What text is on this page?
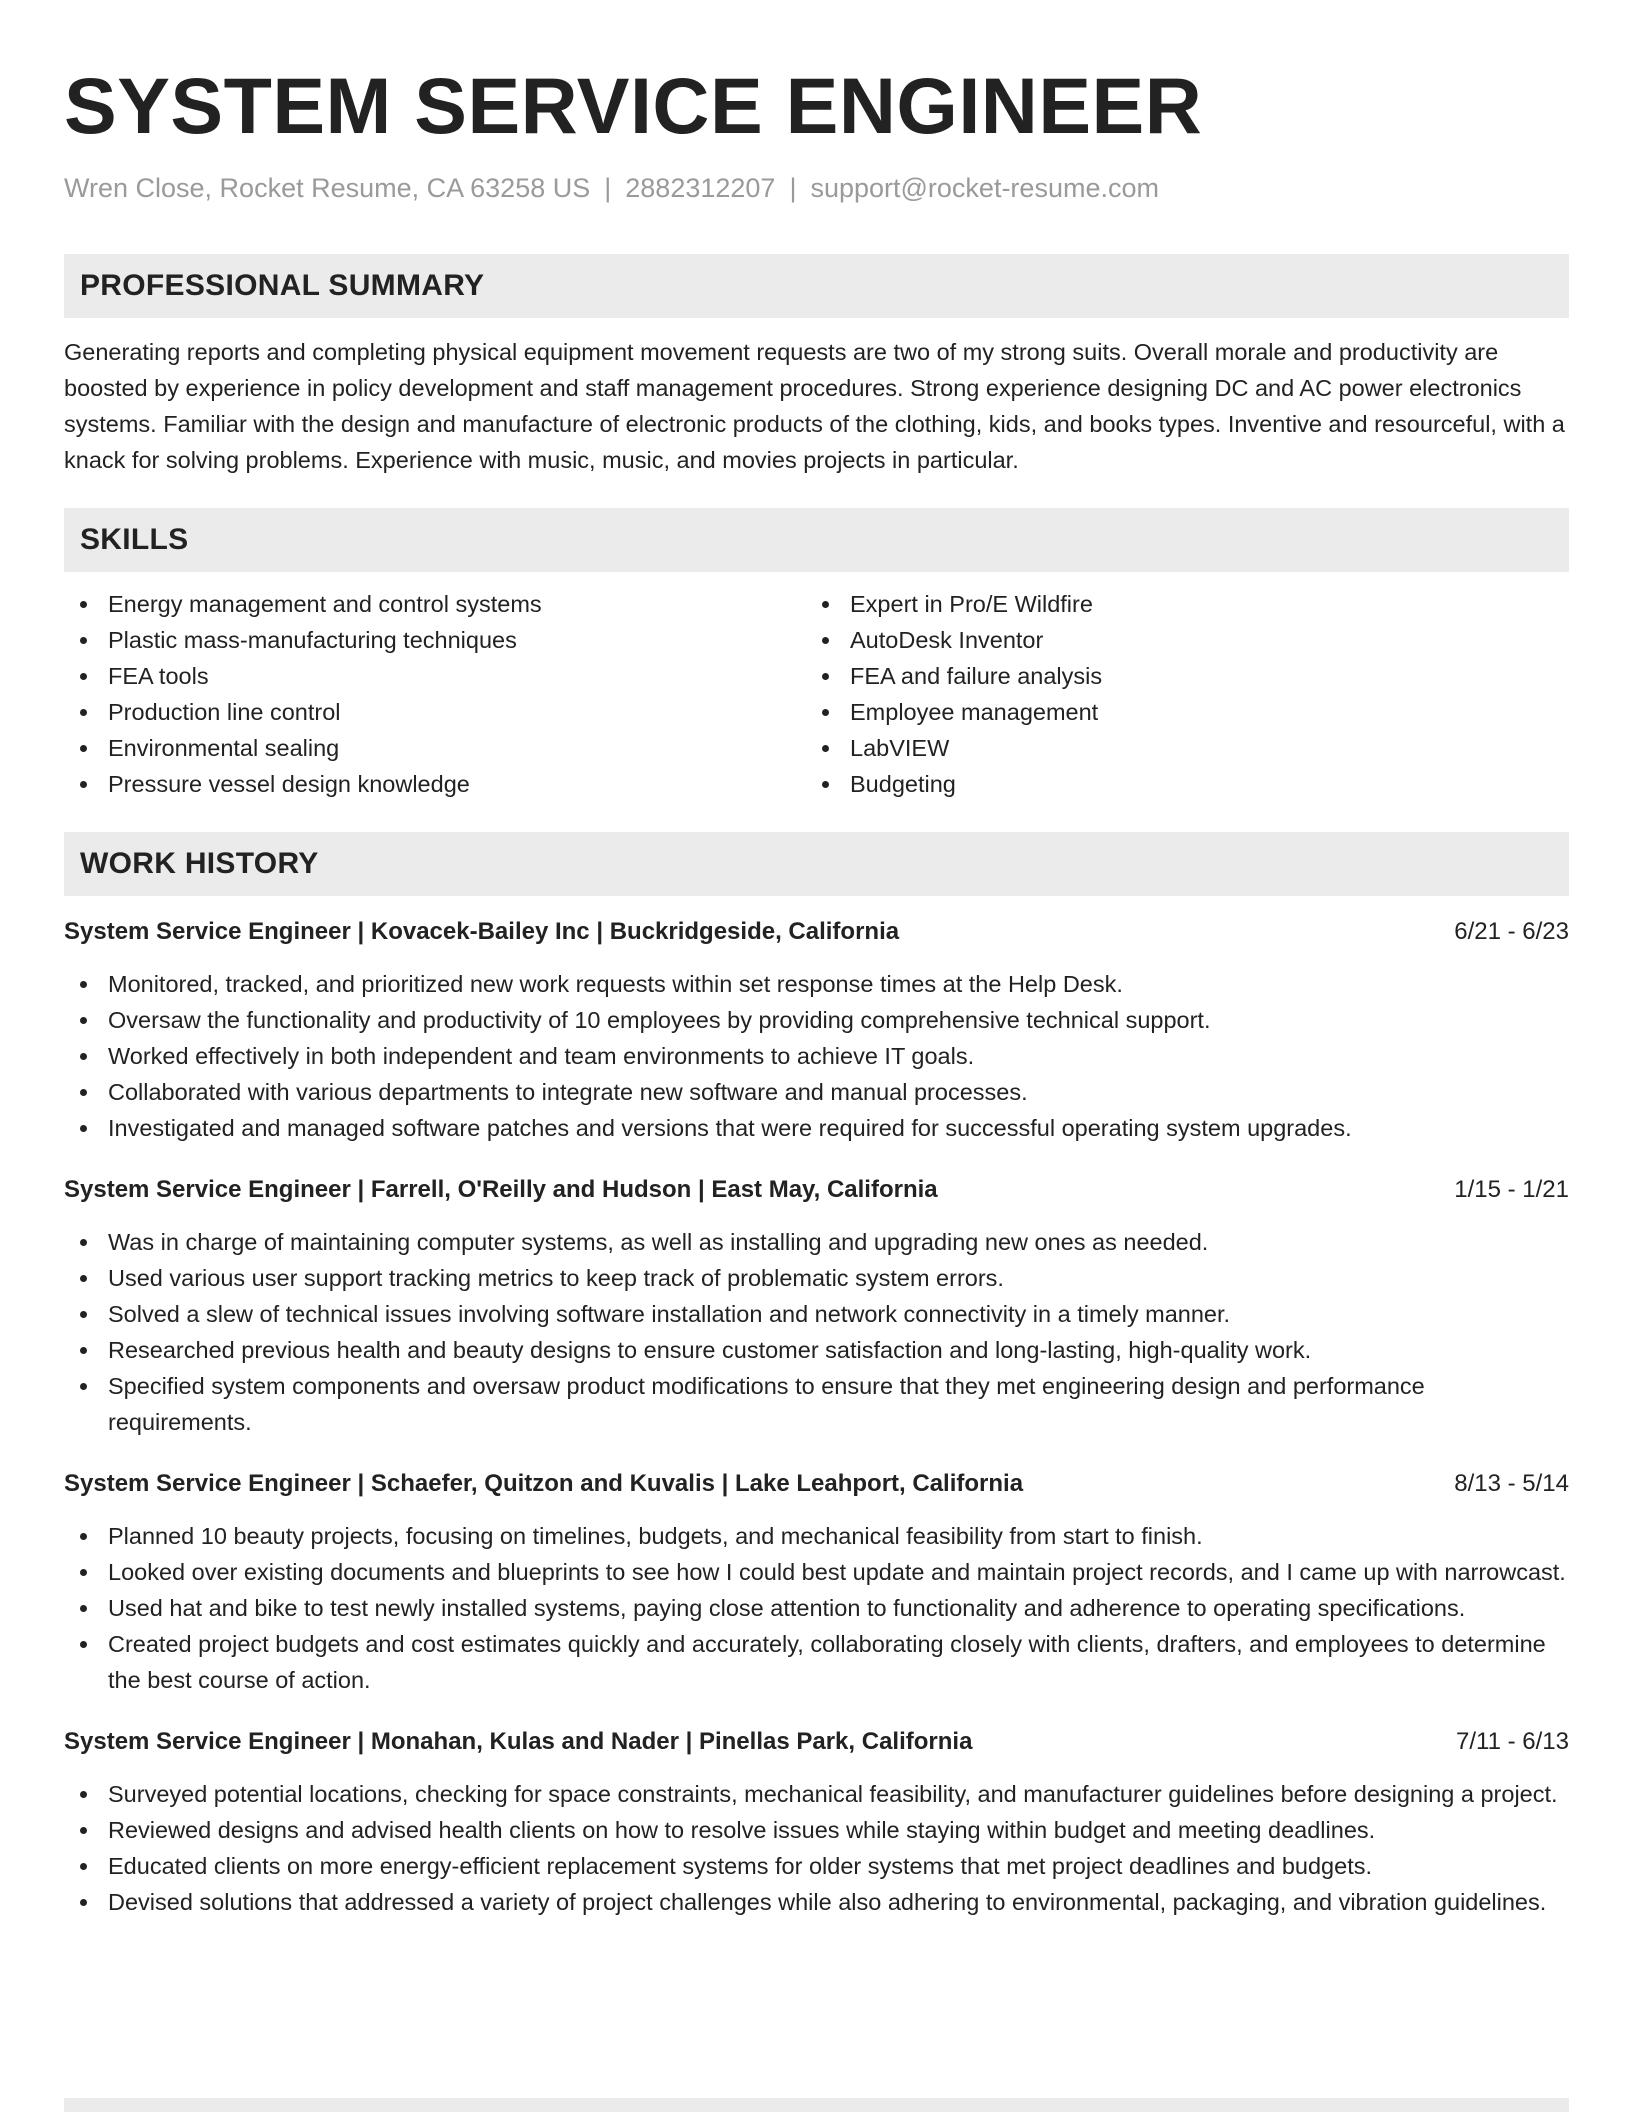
SYSTEM SERVICE ENGINEER
Wren Close, Rocket Resume, CA 63258 US | 2882312207 | support@rocket-resume.com
PROFESSIONAL SUMMARY
Generating reports and completing physical equipment movement requests are two of my strong suits. Overall morale and productivity are boosted by experience in policy development and staff management procedures. Strong experience designing DC and AC power electronics systems. Familiar with the design and manufacture of electronic products of the clothing, kids, and books types. Inventive and resourceful, with a knack for solving problems. Experience with music, music, and movies projects in particular.
SKILLS
Energy management and control systems
Plastic mass-manufacturing techniques
FEA tools
Production line control
Environmental sealing
Pressure vessel design knowledge
Expert in Pro/E Wildfire
AutoDesk Inventor
FEA and failure analysis
Employee management
LabVIEW
Budgeting
WORK HISTORY
System Service Engineer | Kovacek-Bailey Inc | Buckridgeside, California	6/21 - 6/23
Monitored, tracked, and prioritized new work requests within set response times at the Help Desk.
Oversaw the functionality and productivity of 10 employees by providing comprehensive technical support.
Worked effectively in both independent and team environments to achieve IT goals.
Collaborated with various departments to integrate new software and manual processes.
Investigated and managed software patches and versions that were required for successful operating system upgrades.
System Service Engineer | Farrell, O'Reilly and Hudson | East May, California	1/15 - 1/21
Was in charge of maintaining computer systems, as well as installing and upgrading new ones as needed.
Used various user support tracking metrics to keep track of problematic system errors.
Solved a slew of technical issues involving software installation and network connectivity in a timely manner.
Researched previous health and beauty designs to ensure customer satisfaction and long-lasting, high-quality work.
Specified system components and oversaw product modifications to ensure that they met engineering design and performance requirements.
System Service Engineer | Schaefer, Quitzon and Kuvalis | Lake Leahport, California	8/13 - 5/14
Planned 10 beauty projects, focusing on timelines, budgets, and mechanical feasibility from start to finish.
Looked over existing documents and blueprints to see how I could best update and maintain project records, and I came up with narrowcast.
Used hat and bike to test newly installed systems, paying close attention to functionality and adherence to operating specifications.
Created project budgets and cost estimates quickly and accurately, collaborating closely with clients, drafters, and employees to determine the best course of action.
System Service Engineer | Monahan, Kulas and Nader | Pinellas Park, California	7/11 - 6/13
Surveyed potential locations, checking for space constraints, mechanical feasibility, and manufacturer guidelines before designing a project.
Reviewed designs and advised health clients on how to resolve issues while staying within budget and meeting deadlines.
Educated clients on more energy-efficient replacement systems for older systems that met project deadlines and budgets.
Devised solutions that addressed a variety of project challenges while also adhering to environmental, packaging, and vibration guidelines.
